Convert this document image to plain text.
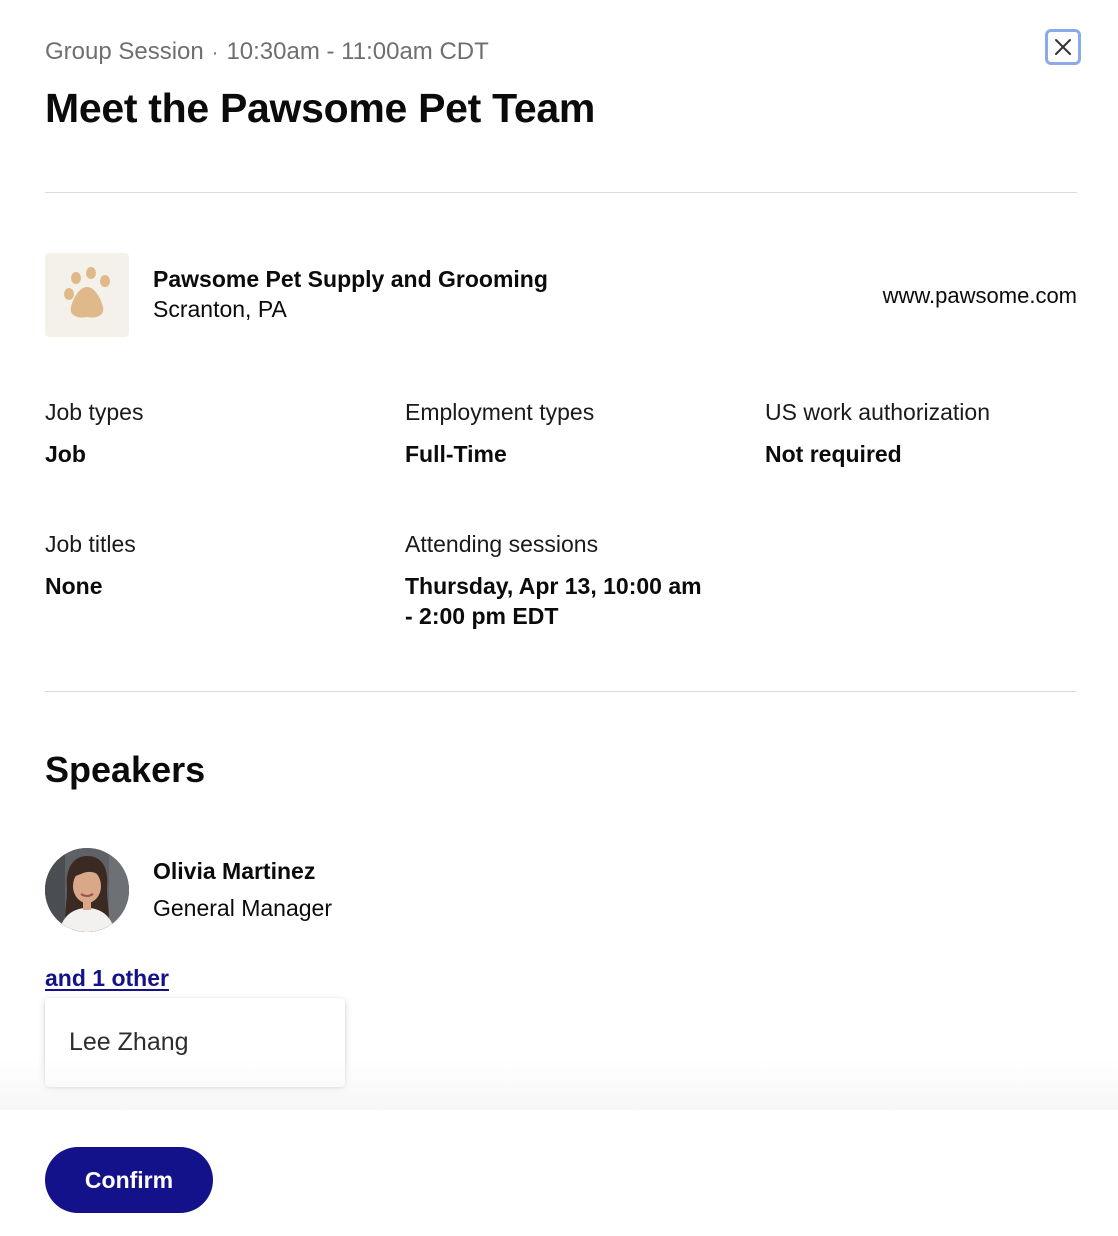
Group Session · 10:30am - 11:00am CDT
Meet the Pawsome Pet Team
Pawsome Pet Supply and Grooming
Scranton, PA
www.pawsome.com
Job types
Job
Employment types
Full-Time
US work authorization
Not required
Job titles
None
Attending sessions
Thursday, Apr 13, 10:00 am - 2:00 pm EDT
Speakers
Olivia Martinez
General Manager
and 1 other
Lee Zhang
Confirm
